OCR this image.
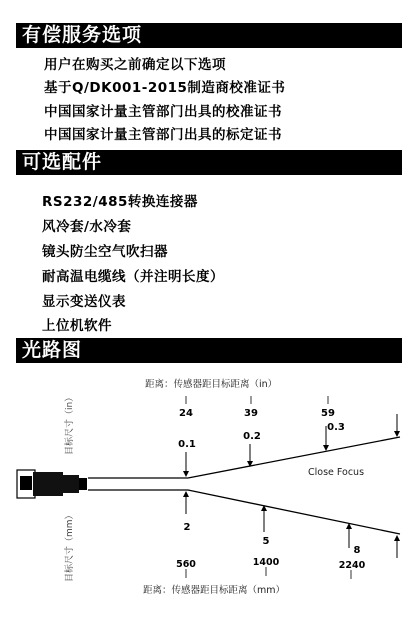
有偿服务选项
用户在购买之前确定以下选项
基于Q/DK001-2015制造商校准证书
中国国家计量主管部门出具的校准证书
中国国家计量主管部门出具的标定证书
可选配件
RS232/485转换连接器
风冷套/水冷套
镜头防尘空气吹扫器
耐高温电缆线（并注明长度）
显示变送仪表
上位机软件
光路图
距离：传感器距目标距离（in）
距离：传感器距目标距离（mm）
目标尺寸（in）
目标尺寸（mm）
24	39	59
0.1
0.2
0.3
Close Focus
2
5
8
560	1400	2240
